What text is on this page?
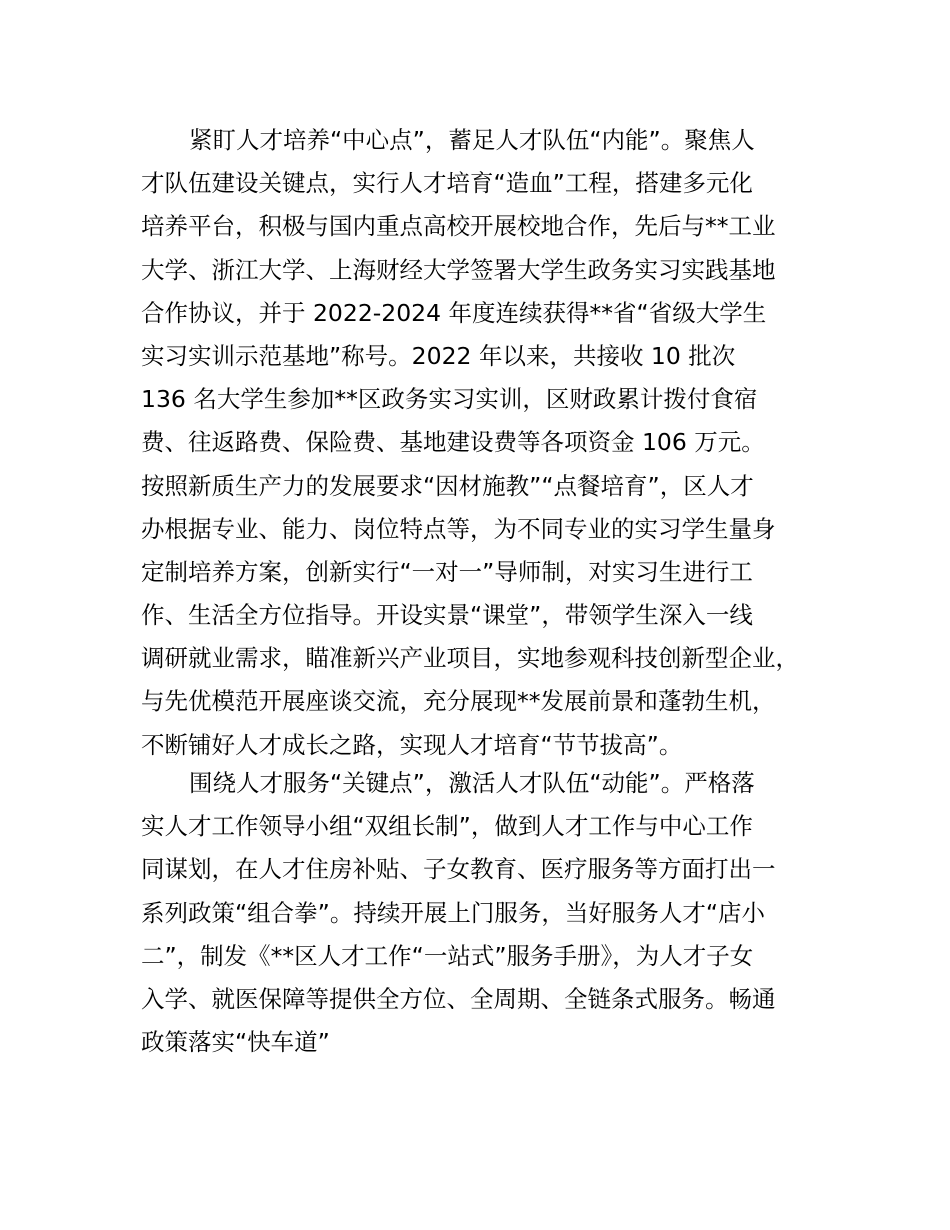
紧盯人才培养“中心点”，蓄足人才队伍“内能”。聚焦人
才队伍建设关键点，实行人才培育“造血”工程，搭建多元化
培养平台，积极与国内重点高校开展校地合作，先后与**工业
大学、浙江大学、上海财经大学签署大学生政务实习实践基地
合作协议，并于 2022-2024 年度连续获得**省“省级大学生
实习实训示范基地”称号。2022 年以来，共接收 10 批次
136 名大学生参加**区政务实习实训，区财政累计拨付食宿
费、往返路费、保险费、基地建设费等各项资金 106 万元。
按照新质生产力的发展要求“因材施教”“点餐培育”，区人才
办根据专业、能力、岗位特点等，为不同专业的实习学生量身
定制培养方案，创新实行“一对一”导师制，对实习生进行工
作、生活全方位指导。开设实景“课堂”，带领学生深入一线
调研就业需求，瞄准新兴产业项目，实地参观科技创新型企业，
与先优模范开展座谈交流，充分展现**发展前景和蓬勃生机，
不断铺好人才成长之路，实现人才培育“节节拔高”。
围绕人才服务“关键点”，激活人才队伍“动能”。严格落
实人才工作领导小组“双组长制”，做到人才工作与中心工作
同谋划，在人才住房补贴、子女教育、医疗服务等方面打出一
系列政策“组合拳”。持续开展上门服务，当好服务人才“店小
二”，制发《**区人才工作“一站式”服务手册》，为人才子女
入学、就医保障等提供全方位、全周期、全链条式服务。畅通
政策落实“快车道”
